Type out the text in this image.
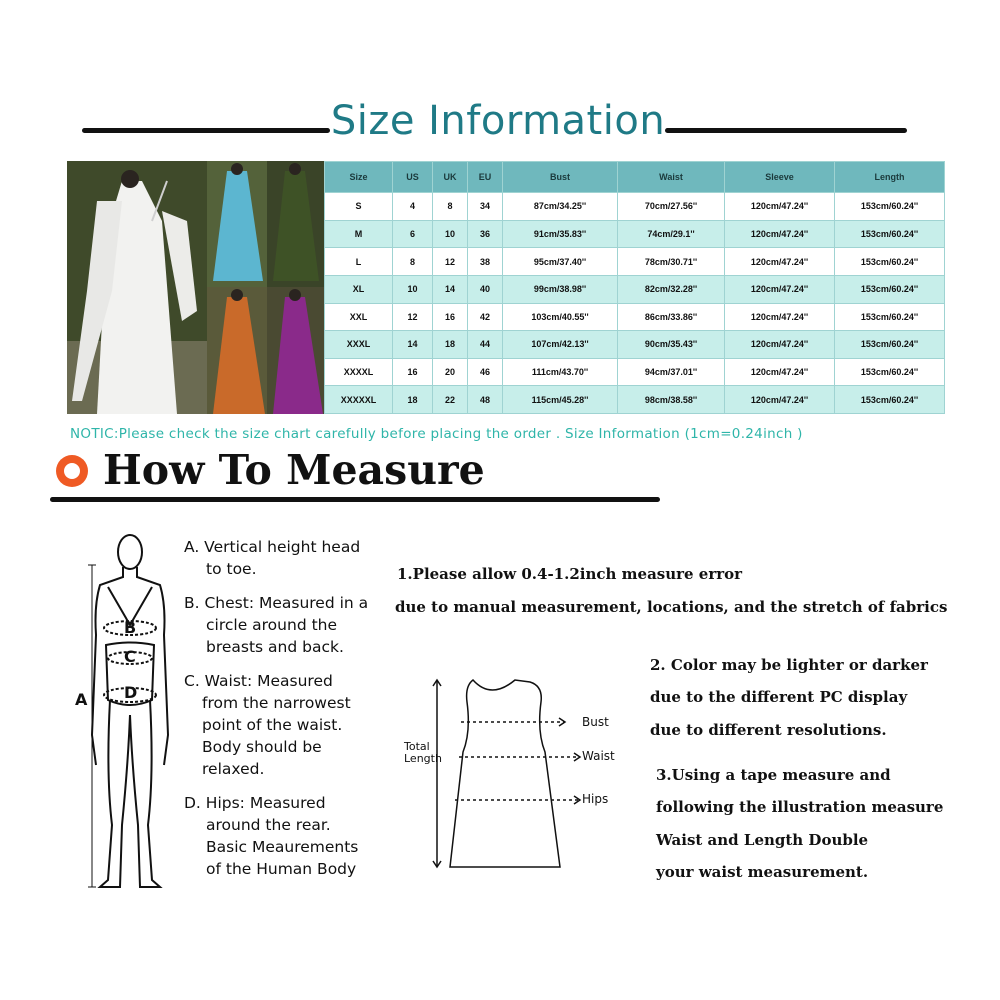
Size Information
Size	US	UK	EU	Bust	Waist	Sleeve	Length
S	4	8	34	87cm/34.25''	70cm/27.56''	120cm/47.24''	153cm/60.24''
M	6	10	36	91cm/35.83''	74cm/29.1''	120cm/47.24''	153cm/60.24''
L	8	12	38	95cm/37.40''	78cm/30.71''	120cm/47.24''	153cm/60.24''
XL	10	14	40	99cm/38.98''	82cm/32.28''	120cm/47.24''	153cm/60.24''
XXL	12	16	42	103cm/40.55''	86cm/33.86''	120cm/47.24''	153cm/60.24''
XXXL	14	18	44	107cm/42.13''	90cm/35.43''	120cm/47.24''	153cm/60.24''
XXXXL	16	20	46	111cm/43.70''	94cm/37.01''	120cm/47.24''	153cm/60.24''
XXXXXL	18	22	48	115cm/45.28''	98cm/38.58''	120cm/47.24''	153cm/60.24''
NOTIC:Please check the size chart carefully before placing the order . Size Information (1cm=0.24inch )
How To Measure
A
B
C
D
A. Vertical height head

to toe.
B. Chest: Measured in a

circle around the
breasts and back.
C. Waist: Measured

from the narrowest
point of the waist.
Body should be
relaxed.
D. Hips: Measured

around the rear.
Basic Meaurements
of the Human Body
1.Please allow 0.4-1.2inch measure error
due to manual measurement, locations, and the stretch of fabrics
2. Color may be lighter or darker
due to the different PC display
due to different resolutions.
3.Using a tape measure and
following the illustration measure
Waist and Length Double
your waist measurement.
Total
Length
Bust
Waist
Hips
